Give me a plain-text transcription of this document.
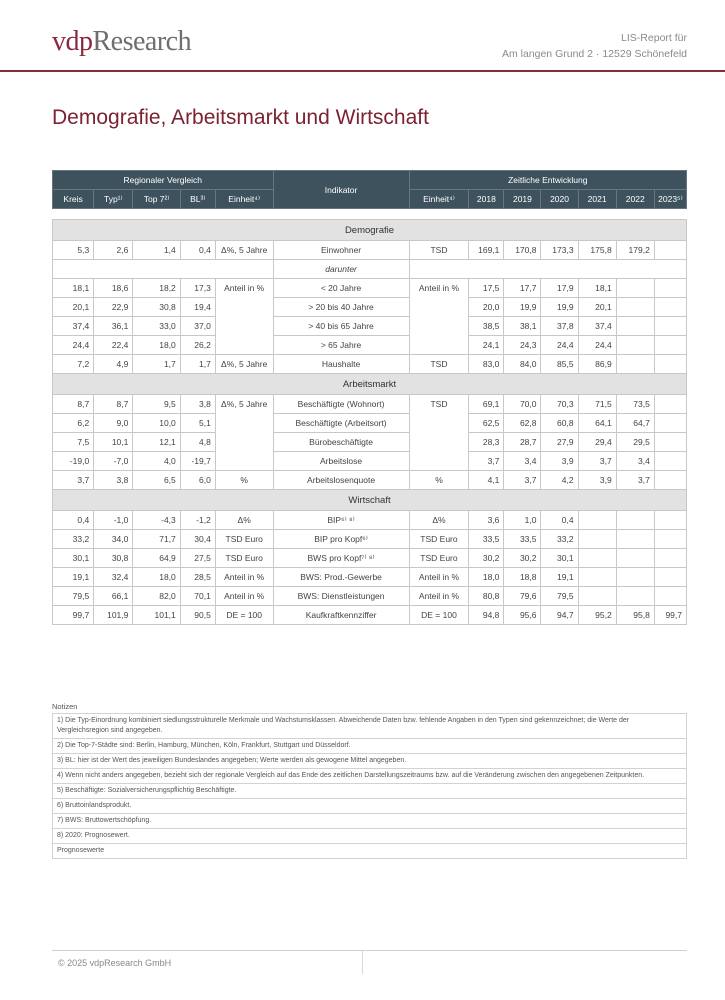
vdpResearch	LIS-Report für
Am langen Grund 2 · 12529 Schönefeld
Demografie, Arbeitsmarkt und Wirtschaft
Regionaler Vergleich					Indikator	Zeitliche Entwicklung						
Kreis	Typ¹⁾	Top 7²⁾	BL³⁾	Einheit⁴⁾		Einheit⁴⁾	2018	2019	2020	2021	2022	2023⁵⁾

Demografie												
5,3	2,6	1,4	0,4	Δ%, 5 Jahre	Einwohner	TSD	169,1	170,8	173,3	175,8	179,2	
					darunter							
18,1	18,6	18,2	17,3	Anteil in %	< 20 Jahre	Anteil in %	17,5	17,7	17,9	18,1		
20,1	22,9	30,8	19,4		> 20 bis 40 Jahre		20,0	19,9	19,9	20,1		
37,4	36,1	33,0	37,0		> 40 bis 65 Jahre		38,5	38,1	37,8	37,4		
24,4	22,4	18,0	26,2		> 65 Jahre		24,1	24,3	24,4	24,4		
7,2	4,9	1,7	1,7	Δ%, 5 Jahre	Haushalte	TSD	83,0	84,0	85,5	86,9		
Arbeitsmarkt												
8,7	8,7	9,5	3,8	Δ%, 5 Jahre	Beschäftigte (Wohnort)	TSD	69,1	70,0	70,3	71,5	73,5	
6,2	9,0	10,0	5,1		Beschäftigte (Arbeitsort)		62,5	62,8	60,8	64,1	64,7	
7,5	10,1	12,1	4,8		Bürobeschäftigte		28,3	28,7	27,9	29,4	29,5	
-19,0	-7,0	4,0	-19,7		Arbeitslose		3,7	3,4	3,9	3,7	3,4	
3,7	3,8	6,5	6,0	%	Arbeitslosenquote	%	4,1	3,7	4,2	3,9	3,7	
Wirtschaft												
0,4	-1,0	-4,3	-1,2	Δ%	BIP⁶⁾ ⁸⁾	Δ%	3,6	1,0	0,4			
33,2	34,0	71,7	30,4	TSD Euro	BIP pro Kopf⁶⁾	TSD Euro	33,5	33,5	33,2			
30,1	30,8	64,9	27,5	TSD Euro	BWS pro Kopf⁷⁾ ⁸⁾	TSD Euro	30,2	30,2	30,1			
19,1	32,4	18,0	28,5	Anteil in %	BWS: Prod.-Gewerbe	Anteil in %	18,0	18,8	19,1			
79,5	66,1	82,0	70,1	Anteil in %	BWS: Dienstleistungen	Anteil in %	80,8	79,6	79,5			
99,7	101,9	101,1	90,5	DE = 100	Kaufkraftkennziffer	DE = 100	94,8	95,6	94,7	95,2	95,8	99,7
Notizen
1) Die Typ-Einordnung kombiniert siedlungsstrukturelle Merkmale und Wachstumsklassen. Abweichende Daten bzw. fehlende Angaben in den Typen sind gekennzeichnet; die Werte der Vergleichsregion sind angegeben.
2) Die Top-7-Städte sind: Berlin, Hamburg, München, Köln, Frankfurt, Stuttgart und Düsseldorf.
3) BL: hier ist der Wert des jeweiligen Bundeslandes angegeben; Werte werden als gewogene Mittel angegeben.
4) Wenn nicht anders angegeben, bezieht sich der regionale Vergleich auf das Ende des zeitlichen Darstellungszeitraums bzw. auf die Veränderung zwischen den angegebenen Zeitpunkten.
5) Beschäftigte: Sozialversicherungspflichtig Beschäftigte.
6) Bruttoinlandsprodukt.
7) BWS: Bruttowertschöpfung.
8) 2020: Prognosewert.
Prognosewerte
© 2025 vdpResearch GmbH
